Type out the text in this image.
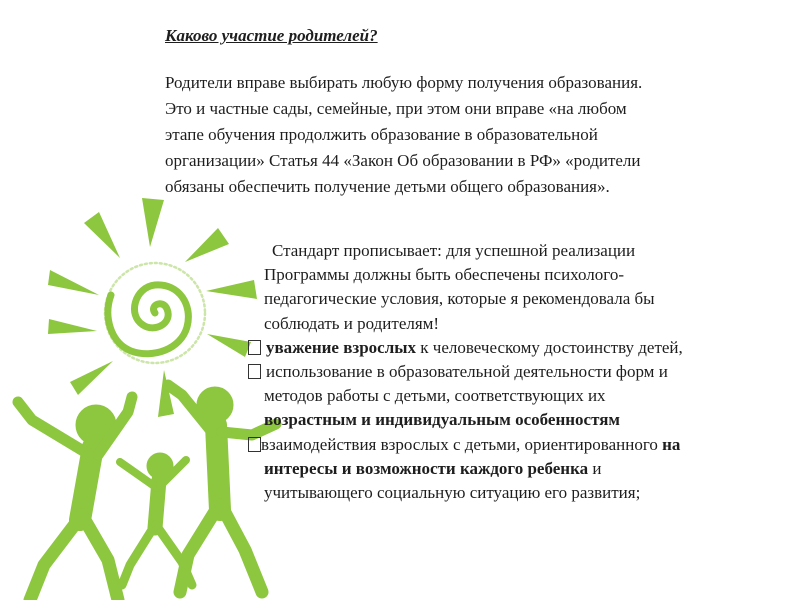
Каково участие родителей?
Родители вправе выбирать любую форму получения образования.
Это и частные сады, семейные, при этом они вправе «на любом
этапе обучения продолжить образование в образовательной
организации» Статья 44 «Закон Об образовании в РФ» «родители
обязаны обеспечить получение детьми общего образования».
Стандарт прописывает: для успешной реализации
Программы должны быть обеспечены психолого-
педагогические условия, которые я рекомендовала бы
соблюдать и родителям!
уважение взрослых к человеческому достоинству детей,
использование в образовательной деятельности форм и
методов работы с детьми, соответствующих их
возрастным и индивидуальным особенностям
взаимодействия взрослых с детьми, ориентированного на
интересы и возможности каждого ребенка и
учитывающего социальную ситуацию его развития;
